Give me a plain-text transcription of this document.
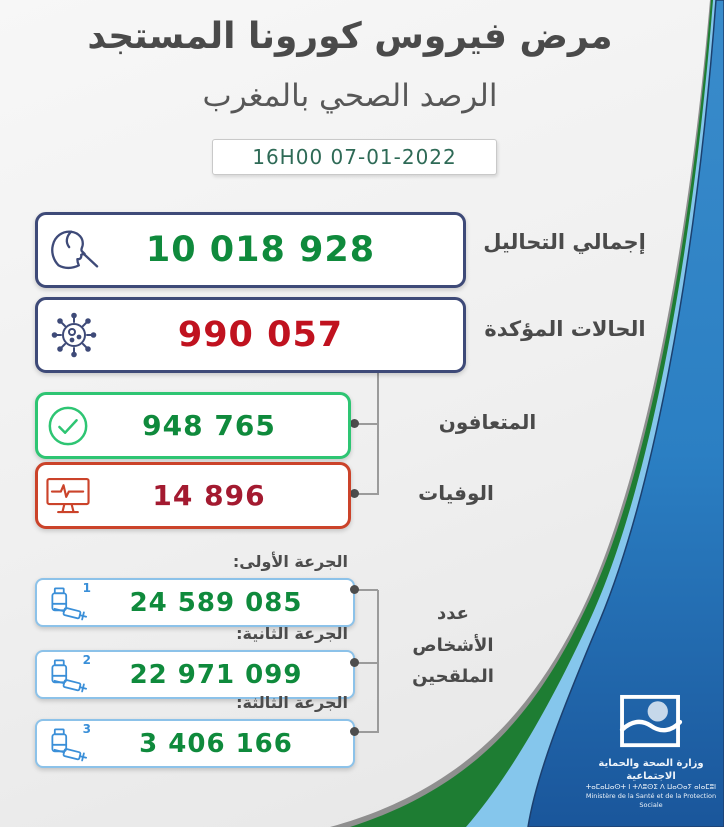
مرض فيروس كورونا المستجد
الرصد الصحي بالمغرب
16H00 07-01-2022
10 018 928	إجمالي التحاليل
990 057	الحالات المؤكدة
948 765	المتعافون
14 896	الوفيات
الجرعة الأولى:
1	24 589 085
الجرعة الثانية:
2	22 971 099
الجرعة الثالثة:
3	3 406 166
عدد
الأشخاص
الملقحين
وزارة الصحة والحماية الاجتماعية
ⵜⴰⵎⴰⵡⴰⵙⵜ ⵏ ⵜⴷⵓⵙⵉ ⴷ ⵡⴰⵔⴰⵢ ⴰⵏⴰⵎⵓⵏ
Ministère de la Santé et de la Protection Sociale
